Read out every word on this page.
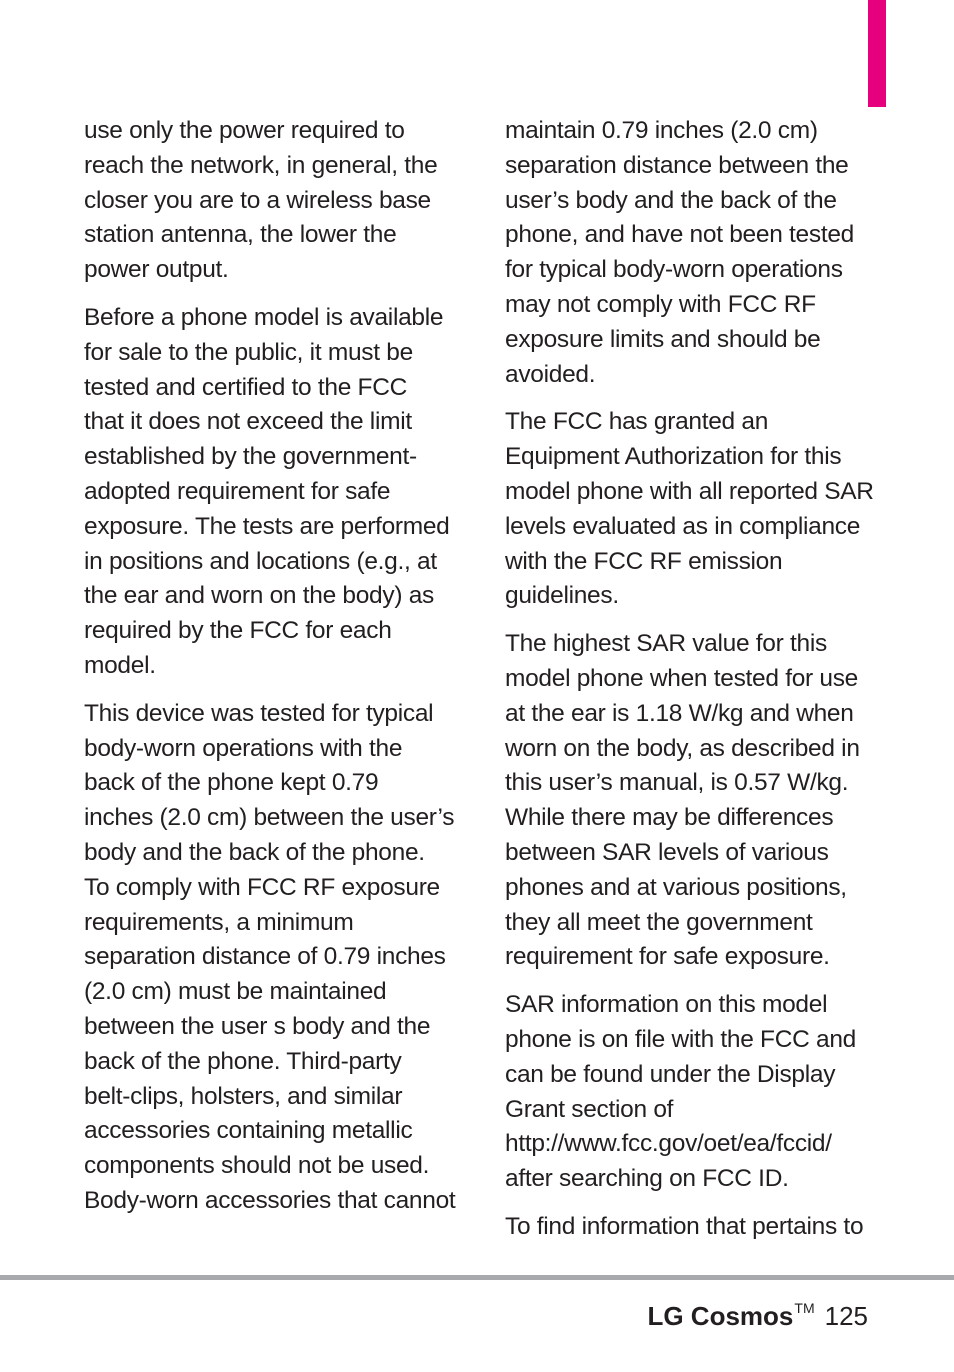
use only the power required to
reach the network, in general, the
closer you are to a wireless base
station antenna, the lower the
power output.

Before a phone model is available
for sale to the public, it must be
tested and certified to the FCC
that it does not exceed the limit
established by the government-
adopted requirement for safe
exposure. The tests are performed
in positions and locations (e.g., at
the ear and worn on the body) as
required by the FCC for each
model.

This device was tested for typical
body-worn operations with the
back of the phone kept 0.79
inches (2.0 cm) between the user’s
body and the back of the phone.
To comply with FCC RF exposure
requirements, a minimum
separation distance of 0.79 inches
(2.0 cm) must be maintained
between the user s body and the
back of the phone. Third-party
belt-clips, holsters, and similar
accessories containing metallic
components should not be used.
Body-worn accessories that cannot

maintain 0.79 inches (2.0 cm)
separation distance between the
user’s body and the back of the
phone, and have not been tested
for typical body-worn operations
may not comply with FCC RF
exposure limits and should be
avoided.

The FCC has granted an
Equipment Authorization for this
model phone with all reported SAR
levels evaluated as in compliance
with the FCC RF emission
guidelines.

The highest SAR value for this
model phone when tested for use
at the ear is 1.18 W/kg and when
worn on the body, as described in
this user’s manual, is 0.57 W/kg.
While there may be differences
between SAR levels of various
phones and at various positions,
they all meet the government
requirement for safe exposure.

SAR information on this model
phone is on file with the FCC and
can be found under the Display
Grant section of
http://www.fcc.gov/oet/ea/fccid/
after searching on FCC ID.

To find information that pertains to

LG Cosmos™ 125
